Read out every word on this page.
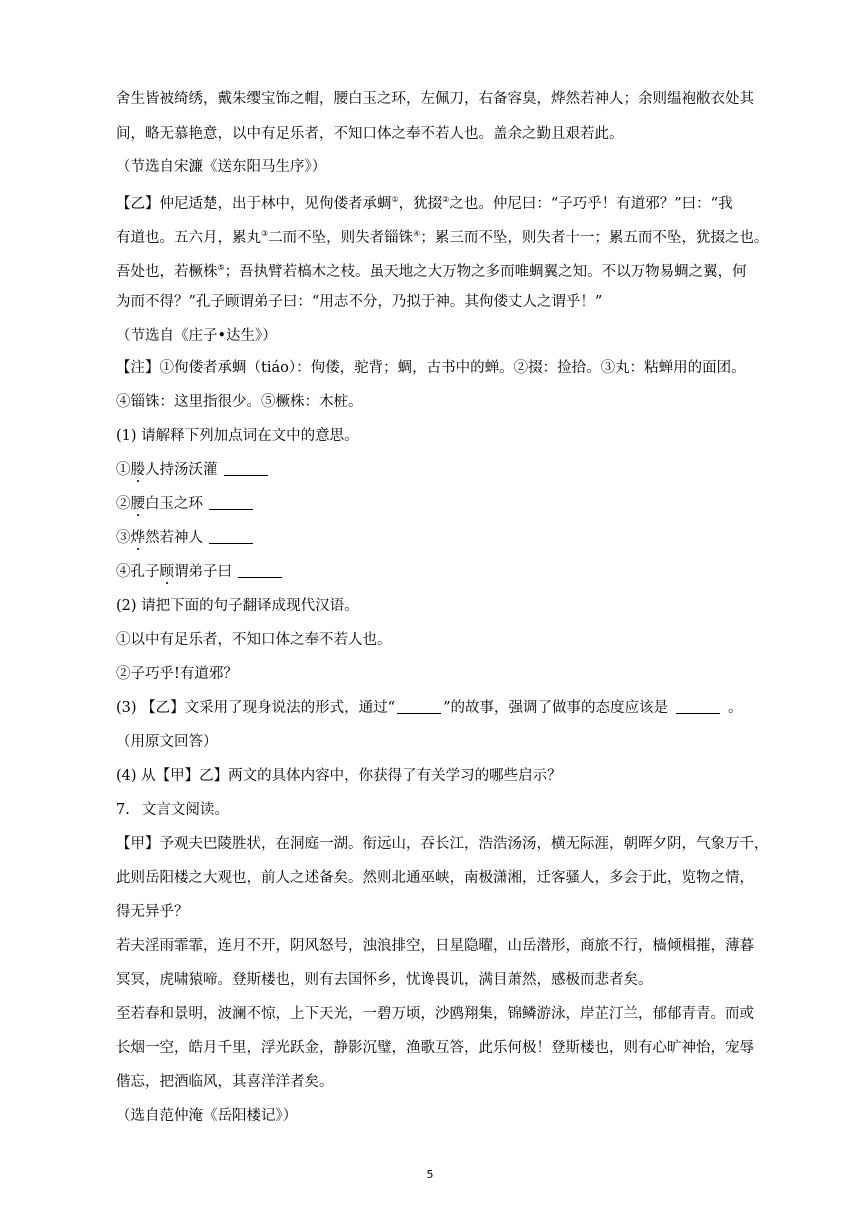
舍生皆被绮绣，戴朱缨宝饰之帽，腰白玉之环，左佩刀，右备容臭，烨然若神人；余则缊袍敝衣处其
间，略无慕艳意，以中有足乐者，不知口体之奉不若人也。盖余之勤且艰若此。
（节选自宋濂《送东阳马生序》）
【乙】仲尼适楚，出于林中，见佝偻者承蜩①，犹掇②之也。仲尼曰：“子巧乎！有道邪？”曰：“我
有道也。五六月，累丸③二而不坠，则失者锱铢④；累三而不坠，则失者十一；累五而不坠，犹掇之也。
吾处也，若橛株⑤；吾执臂若槁木之枝。虽天地之大万物之多而唯蜩翼之知。不以万物易蜩之翼，何
为而不得？”孔子顾谓弟子曰：“用志不分，乃拟于神。其佝偻丈人之谓乎！”
（节选自《庄子•达生》）
【注】①佝偻者承蜩（tiáo）：佝偻，驼背；蜩，古书中的蝉。②掇：捡拾。③丸：粘蝉用的面团。
④锱铢：这里指很少。⑤橛株：木桩。
(1) 请解释下列加点词在文中的意思。
①媵人持汤沃灌
②腰白玉之环
③烨然若神人
④孔子顾谓弟子曰
(2) 请把下面的句子翻译成现代汉语。
①以中有足乐者，不知口体之奉不若人也。
②子巧乎!有道邪？
(3) 【乙】文采用了现身说法的形式，通过“	”的故事，强调了做事的态度应该是	。
（用原文回答）
(4) 从【甲】乙】两文的具体内容中，你获得了有关学习的哪些启示？
7. 文言文阅读。
【甲】予观夫巴陵胜状，在洞庭一湖。衔远山，吞长江，浩浩汤汤，横无际涯，朝晖夕阴，气象万千，
此则岳阳楼之大观也，前人之述备矣。然则北通巫峡，南极潇湘，迁客骚人，多会于此，览物之情，
得无异乎？
若夫淫雨霏霏，连月不开，阴风怒号，浊浪排空，日星隐曜，山岳潜形，商旅不行，樯倾楫摧，薄暮
冥冥，虎啸猿啼。登斯楼也，则有去国怀乡，忧谗畏讥，满目萧然，感极而悲者矣。
至若春和景明，波澜不惊，上下天光，一碧万顷，沙鸥翔集，锦鳞游泳，岸芷汀兰，郁郁青青。而或
长烟一空，皓月千里，浮光跃金，静影沉璧，渔歌互答，此乐何极！登斯楼也，则有心旷神怡，宠辱
偕忘，把酒临风，其喜洋洋者矣。
（选自范仲淹《岳阳楼记》）
5
